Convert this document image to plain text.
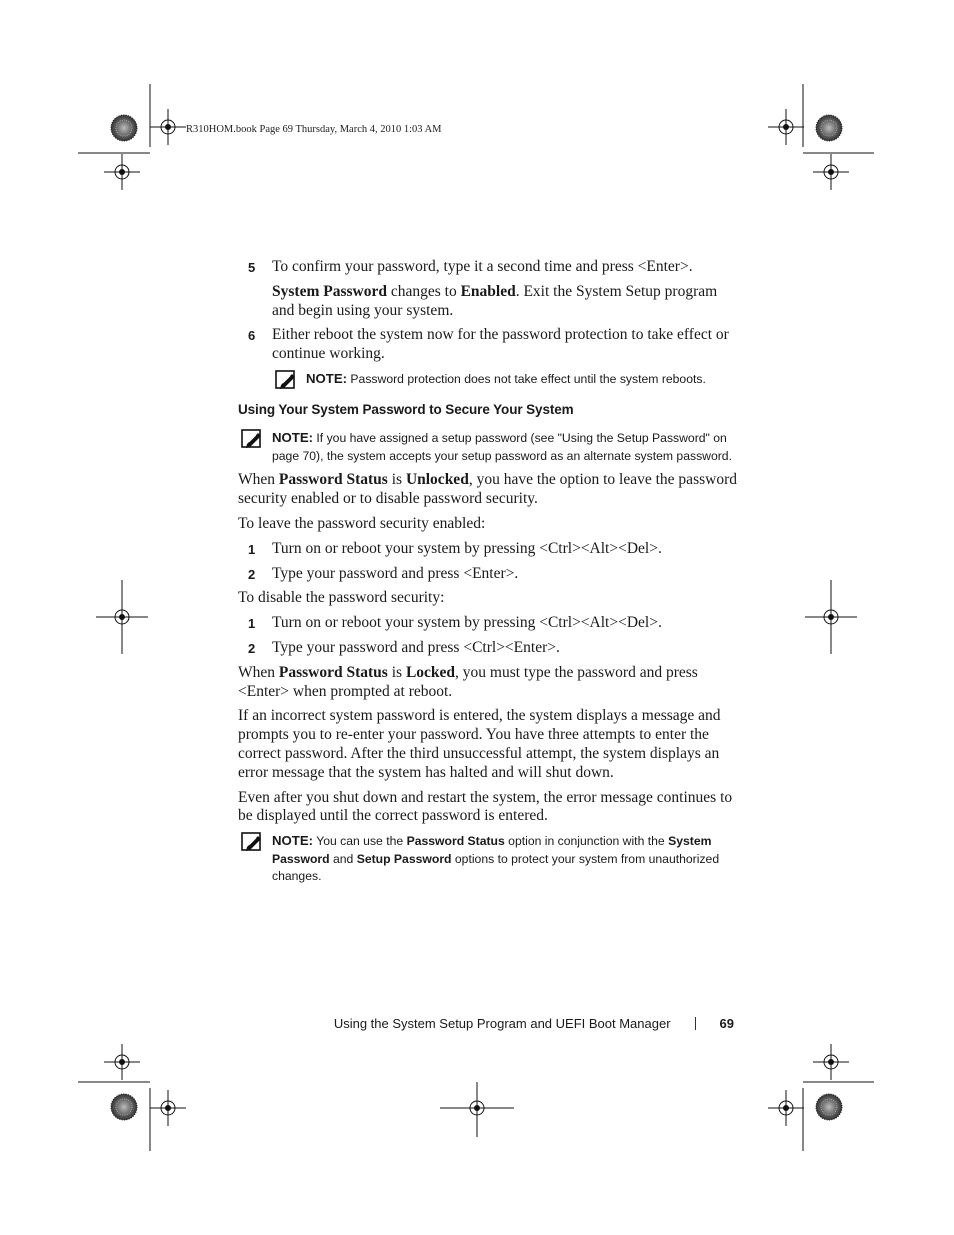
R310HOM.book Page 69 Thursday, March 4, 2010 1:03 AM
5 To confirm your password, type it a second time and press <Enter>.
System Password changes to Enabled. Exit the System Setup program and begin using your system.
6 Either reboot the system now for the password protection to take effect or continue working.
NOTE: Password protection does not take effect until the system reboots.
Using Your System Password to Secure Your System
NOTE: If you have assigned a setup password (see "Using the Setup Password" on page 70), the system accepts your setup password as an alternate system password.

When Password Status is Unlocked, you have the option to leave the password security enabled or to disable password security.

To leave the password security enabled:

1 Turn on or reboot your system by pressing <Ctrl><Alt><Del>.
2 Type your password and press <Enter>.

To disable the password security:

1 Turn on or reboot your system by pressing <Ctrl><Alt><Del>.
2 Type your password and press <Ctrl><Enter>.

When Password Status is Locked, you must type the password and press <Enter> when prompted at reboot.

If an incorrect system password is entered, the system displays a message and prompts you to re-enter your password. You have three attempts to enter the correct password. After the third unsuccessful attempt, the system displays an error message that the system has halted and will shut down.

Even after you shut down and restart the system, the error message continues to be displayed until the correct password is entered.

NOTE: You can use the Password Status option in conjunction with the System Password and Setup Password options to protect your system from unauthorized changes.
Using the System Setup Program and UEFI Boot Manager	69
